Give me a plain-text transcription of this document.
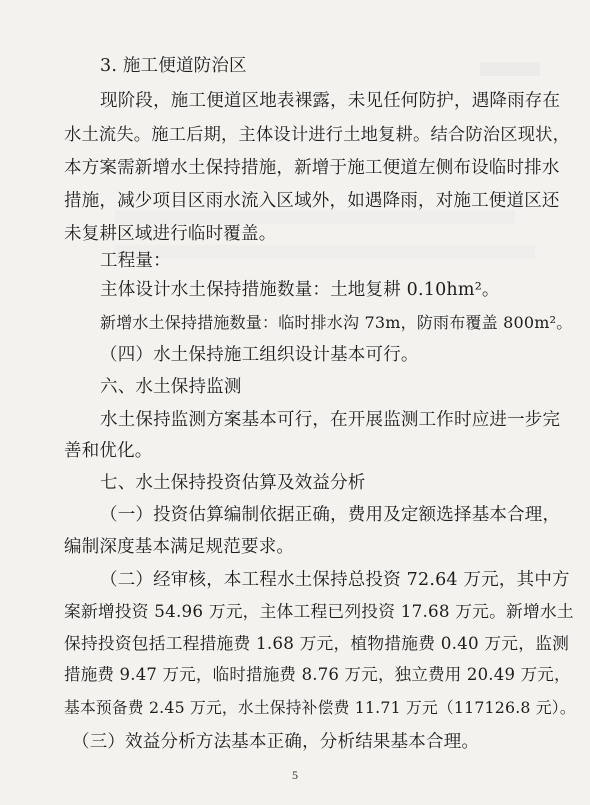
3. 施工便道防治区
现阶段，施工便道区地表裸露，未见任何防护，遇降雨存在
水土流失。施工后期，主体设计进行土地复耕。结合防治区现状，
本方案需新增水土保持措施，新增于施工便道左侧布设临时排水
措施，减少项目区雨水流入区域外，如遇降雨，对施工便道区还
未复耕区域进行临时覆盖。
工程量：
主体设计水土保持措施数量：土地复耕 0.10hm²。
新增水土保持措施数量：临时排水沟 73m，防雨布覆盖 800m²。
（四）水土保持施工组织设计基本可行。
六、水土保持监测
水土保持监测方案基本可行，在开展监测工作时应进一步完
善和优化。
七、水土保持投资估算及效益分析
（一）投资估算编制依据正确，费用及定额选择基本合理，
编制深度基本满足规范要求。
（二）经审核，本工程水土保持总投资 72.64 万元，其中方
案新增投资 54.96 万元，主体工程已列投资 17.68 万元。新增水土
保持投资包括工程措施费 1.68 万元，植物措施费 0.40 万元，监测
措施费 9.47 万元，临时措施费 8.76 万元，独立费用 20.49 万元，
基本预备费 2.45 万元，水土保持补偿费 11.71 万元（117126.8 元）。
（三）效益分析方法基本正确，分析结果基本合理。
5
